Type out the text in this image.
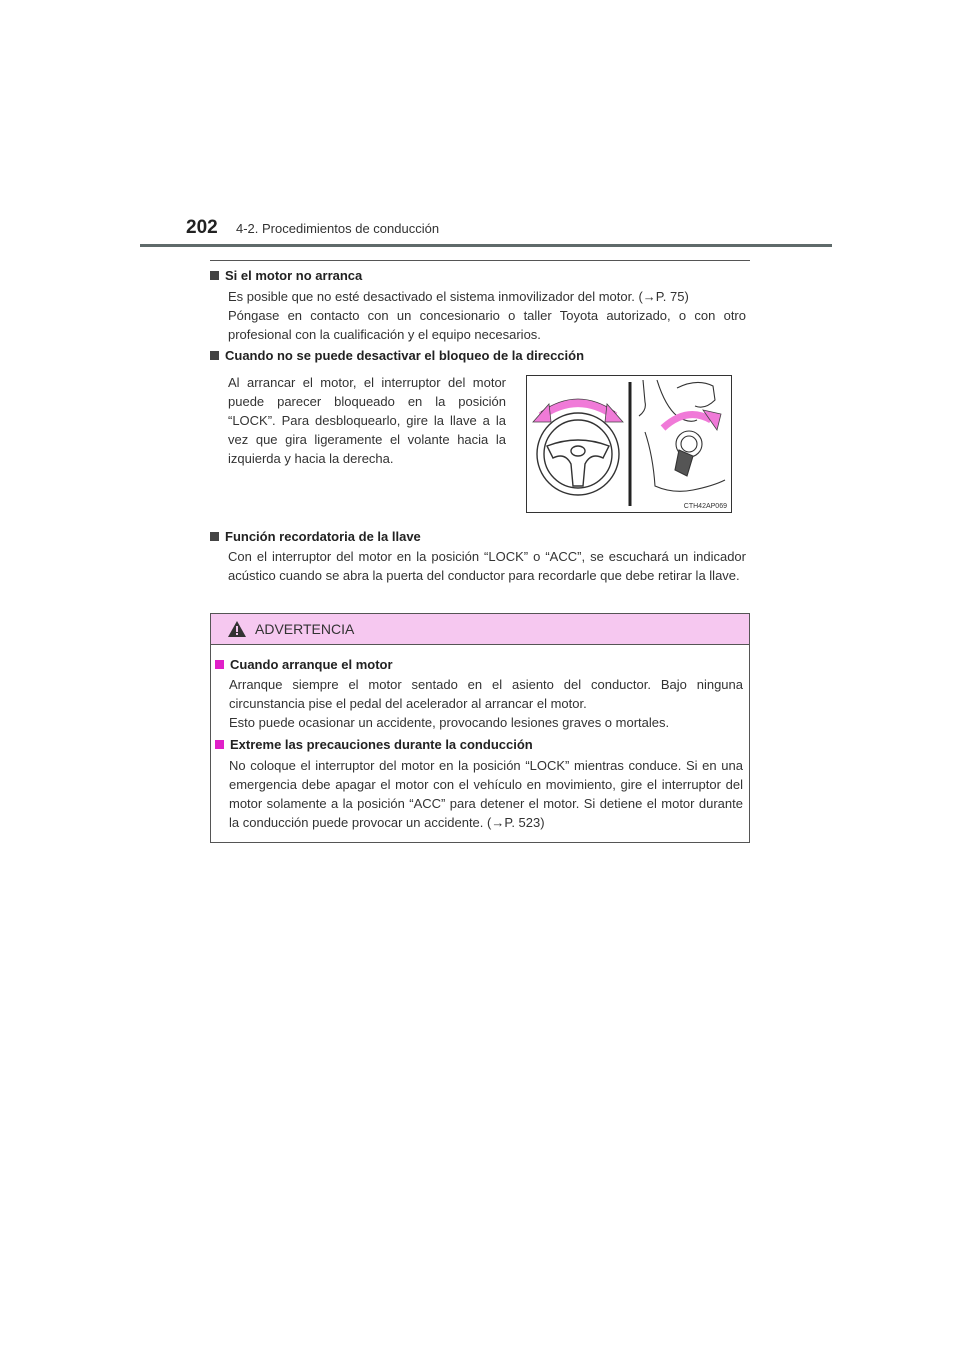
202 4-2. Procedimientos de conducción
Si el motor no arranca

Es posible que no esté desactivado el sistema inmovilizador del motor. (→P. 75)

Póngase en contacto con un concesionario o taller Toyota autorizado, o con otro profesional con la cualificación y el equipo necesarios.

Cuando no se puede desactivar el bloqueo de la dirección

Al arrancar el motor, el interruptor del motor puede parecer bloqueado en la posición “LOCK”. Para desbloquearlo, gire la llave a la vez que gira ligeramente el volante hacia la izquierda y hacia la derecha.

CTH42AP069
Función recordatoria de la llave

Con el interruptor del motor en la posición “LOCK” o “ACC”, se escuchará un indicador acústico cuando se abra la puerta del conductor para recordarle que debe retirar la llave.

ADVERTENCIA
Cuando arranque el motor

Arranque siempre el motor sentado en el asiento del conductor. Bajo ninguna circunstancia pise el pedal del acelerador al arrancar el motor.

Esto puede ocasionar un accidente, provocando lesiones graves o mortales.

Extreme las precauciones durante la conducción

No coloque el interruptor del motor en la posición “LOCK” mientras conduce. Si en una emergencia debe apagar el motor con el vehículo en movimiento, gire el interruptor del motor solamente a la posición “ACC” para detener el motor. Si detiene el motor durante la conducción puede provocar un accidente. (→P. 523)
